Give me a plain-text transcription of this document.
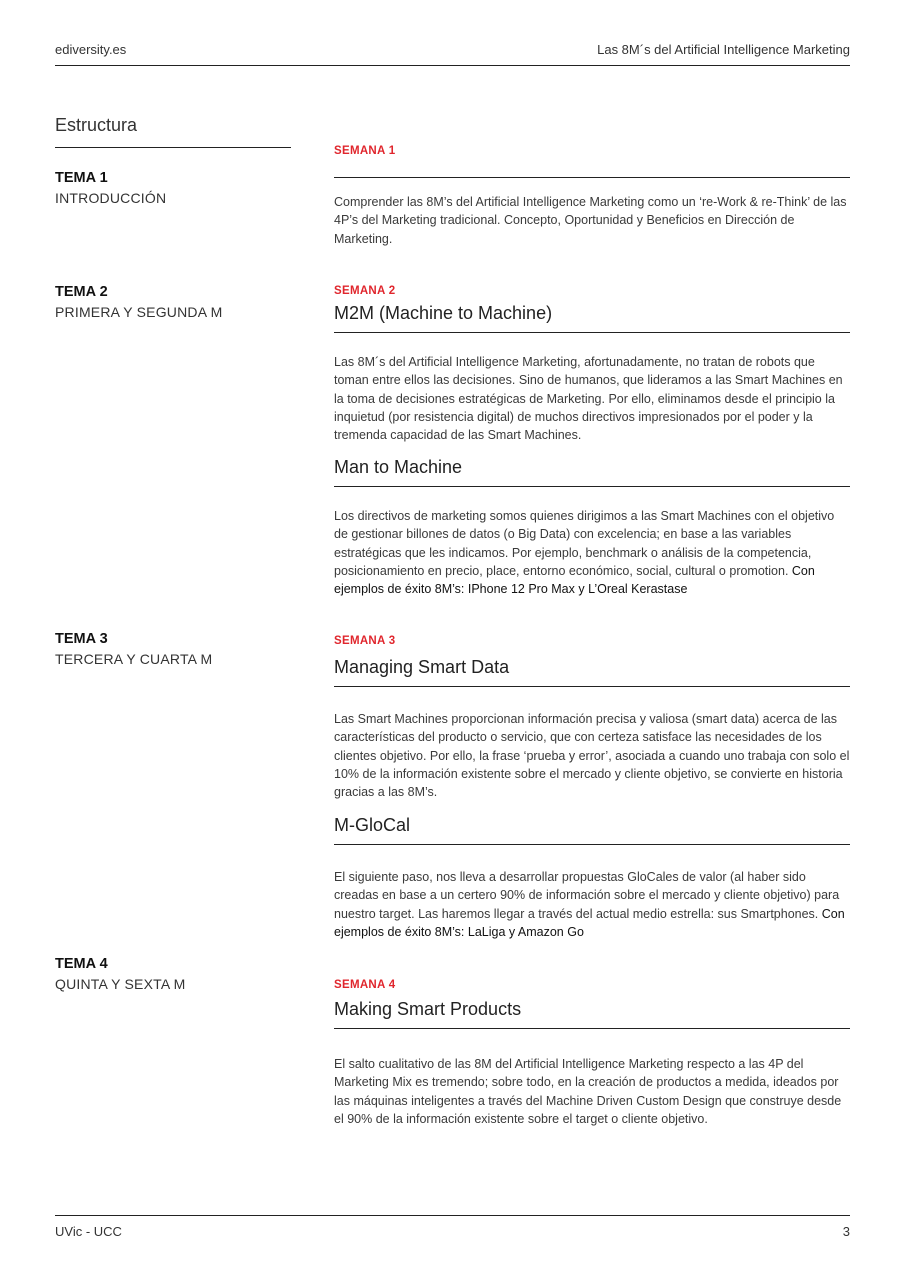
ediversity.es	Las 8M´s del Artificial Intelligence Marketing
Estructura
TEMA 1
INTRODUCCIÓN
TEMA 2
PRIMERA Y SEGUNDA M
TEMA 3
TERCERA Y CUARTA M
TEMA 4
QUINTA Y SEXTA M
SEMANA 1
Comprender las 8M’s del Artificial Intelligence Marketing como un ‘re-Work & re-Think’ de las 4P’s del Marketing tradicional. Concepto, Oportunidad y Beneficios en Dirección de Marketing.
SEMANA 2
M2M (Machine to Machine)
Las 8M´s del Artificial Intelligence Marketing, afortunadamente, no tratan de robots que toman entre ellos las decisiones. Sino de humanos, que lideramos a las Smart Machines en la toma de decisiones estratégicas de Marketing. Por ello, eliminamos desde el principio la inquietud (por resistencia digital) de muchos directivos impresionados por el poder y la tremenda capacidad de las Smart Machines.
Man to Machine
Los directivos de marketing somos quienes dirigimos a las Smart Machines con el objetivo de gestionar billones de datos (o Big Data) con excelencia; en base a las variables estratégicas que les indicamos. Por ejemplo, benchmark o análisis de la competencia, posicionamiento en precio, place, entorno económico, social, cultural o promotion. Con ejemplos de éxito 8M’s: IPhone 12 Pro Max y L’Oreal Kerastase
SEMANA 3
Managing Smart Data
Las Smart Machines proporcionan información precisa y valiosa (smart data) acerca de las características del producto o servicio, que con certeza satisface las necesidades de los clientes objetivo. Por ello, la frase ‘prueba y error’, asociada a cuando uno trabaja con solo el 10% de la información existente sobre el mercado y cliente objetivo, se convierte en historia gracias a las 8M’s.
M-GloCal
El siguiente paso, nos lleva a desarrollar propuestas GloCales de valor (al haber sido creadas en base a un certero 90% de información sobre el mercado y cliente objetivo) para nuestro target. Las haremos llegar a través del actual medio estrella: sus Smartphones. Con ejemplos de éxito 8M’s: LaLiga y Amazon Go
SEMANA 4
Making Smart Products
El salto cualitativo de las 8M del Artificial Intelligence Marketing respecto a las 4P del Marketing Mix es tremendo; sobre todo, en la creación de productos a medida, ideados por las máquinas inteligentes a través del Machine Driven Custom Design que construye desde el 90% de la información existente sobre el target o cliente objetivo.
UVic - UCC	3
